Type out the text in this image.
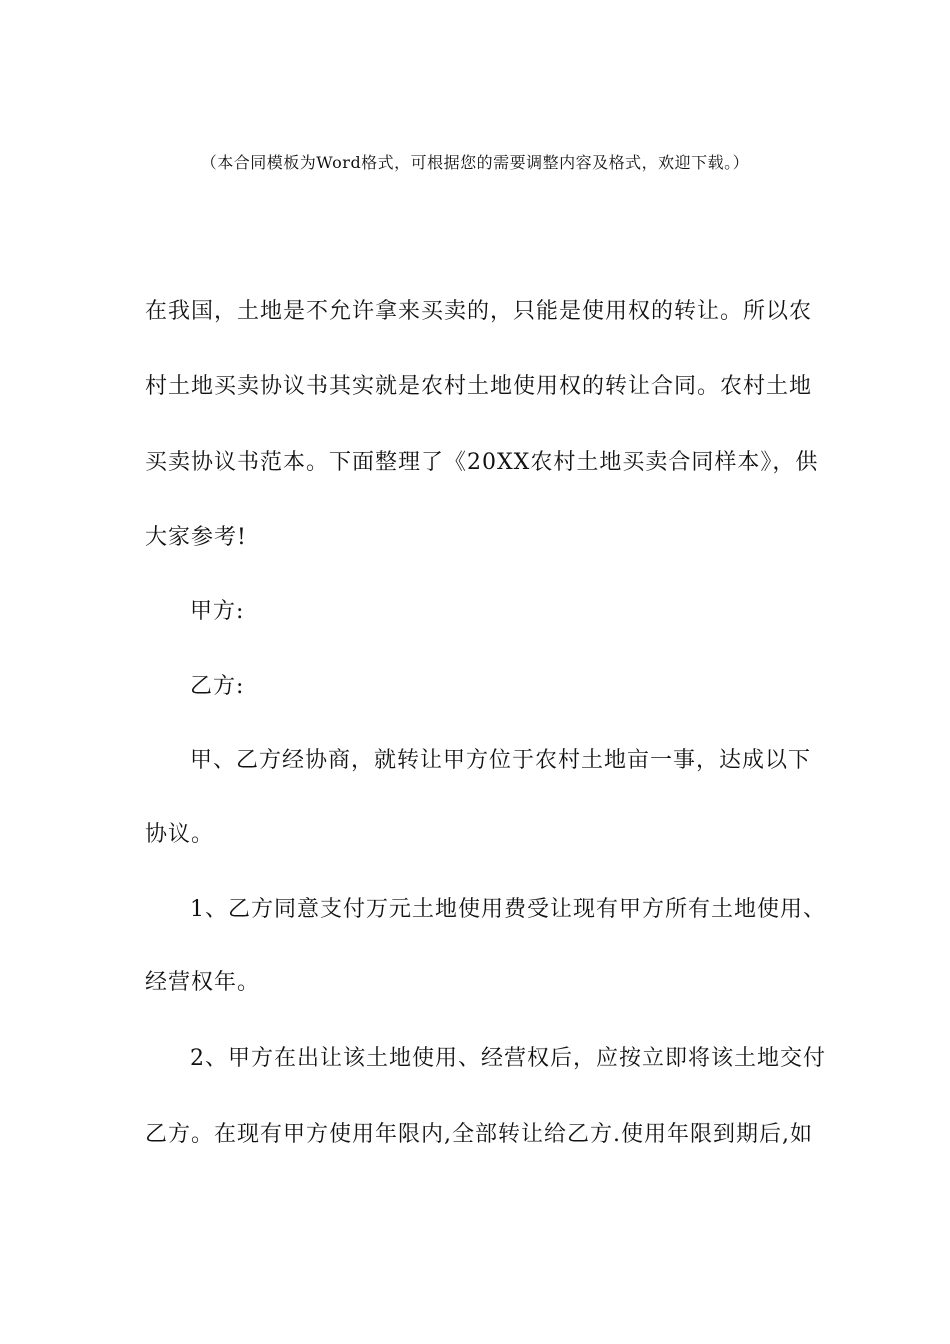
（本合同模板为Word格式，可根据您的需要调整内容及格式，欢迎下载。）
在我国，土地是不允许拿来买卖的，只能是使用权的转让。所以农
村土地买卖协议书其实就是农村土地使用权的转让合同。农村土地
买卖协议书范本。下面整理了《20XX农村土地买卖合同样本》，供
大家参考!
甲方:
乙方:
甲、乙方经协商，就转让甲方位于农村土地亩一事，达成以下
协议。
1、乙方同意支付万元土地使用费受让现有甲方所有土地使用、
经营权年。
2、甲方在出让该土地使用、经营权后，应按立即将该土地交付
乙方。在现有甲方使用年限内,全部转让给乙方.使用年限到期后,如
